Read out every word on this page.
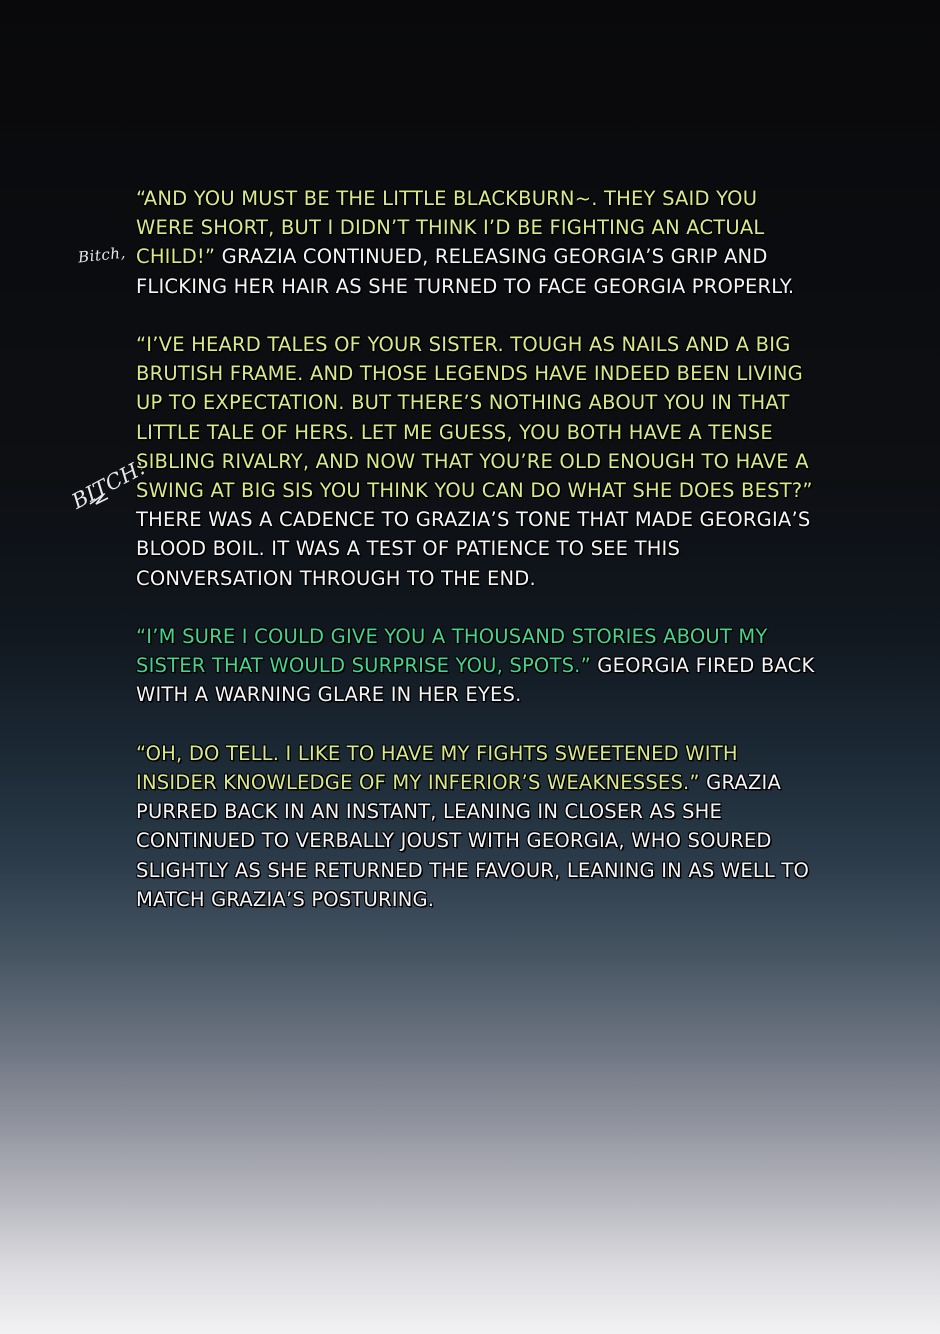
Bitch,
BITCH!

“AND YOU MUST BE THE LITTLE BLACKBURN~. THEY SAID YOU WERE SHORT, BUT I DIDN’T THINK I’D BE FIGHTING AN ACTUAL CHILD!” GRAZIA CONTINUED, RELEASING GEORGIA’S GRIP AND FLICKING HER HAIR AS SHE TURNED TO FACE GEORGIA PROPERLY.

“I’VE HEARD TALES OF YOUR SISTER. TOUGH AS NAILS AND A BIG BRUTISH FRAME. AND THOSE LEGENDS HAVE INDEED BEEN LIVING UP TO EXPECTATION. BUT THERE’S NOTHING ABOUT YOU IN THAT LITTLE TALE OF HERS. LET ME GUESS, YOU BOTH HAVE A TENSE SIBLING RIVALRY, AND NOW THAT YOU’RE OLD ENOUGH TO HAVE A SWING AT BIG SIS YOU THINK YOU CAN DO WHAT SHE DOES BEST?” THERE WAS A CADENCE TO GRAZIA’S TONE THAT MADE GEORGIA’S BLOOD BOIL. IT WAS A TEST OF PATIENCE TO SEE THIS CONVERSATION THROUGH TO THE END.

“I’M SURE I COULD GIVE YOU A THOUSAND STORIES ABOUT MY SISTER THAT WOULD SURPRISE YOU, SPOTS.” GEORGIA FIRED BACK WITH A WARNING GLARE IN HER EYES.

“OH, DO TELL. I LIKE TO HAVE MY FIGHTS SWEETENED WITH INSIDER KNOWLEDGE OF MY INFERIOR’S WEAKNESSES.” GRAZIA PURRED BACK IN AN INSTANT, LEANING IN CLOSER AS SHE CONTINUED TO VERBALLY JOUST WITH GEORGIA, WHO SOURED SLIGHTLY AS SHE RETURNED THE FAVOUR, LEANING IN AS WELL TO MATCH GRAZIA’S POSTURING.
